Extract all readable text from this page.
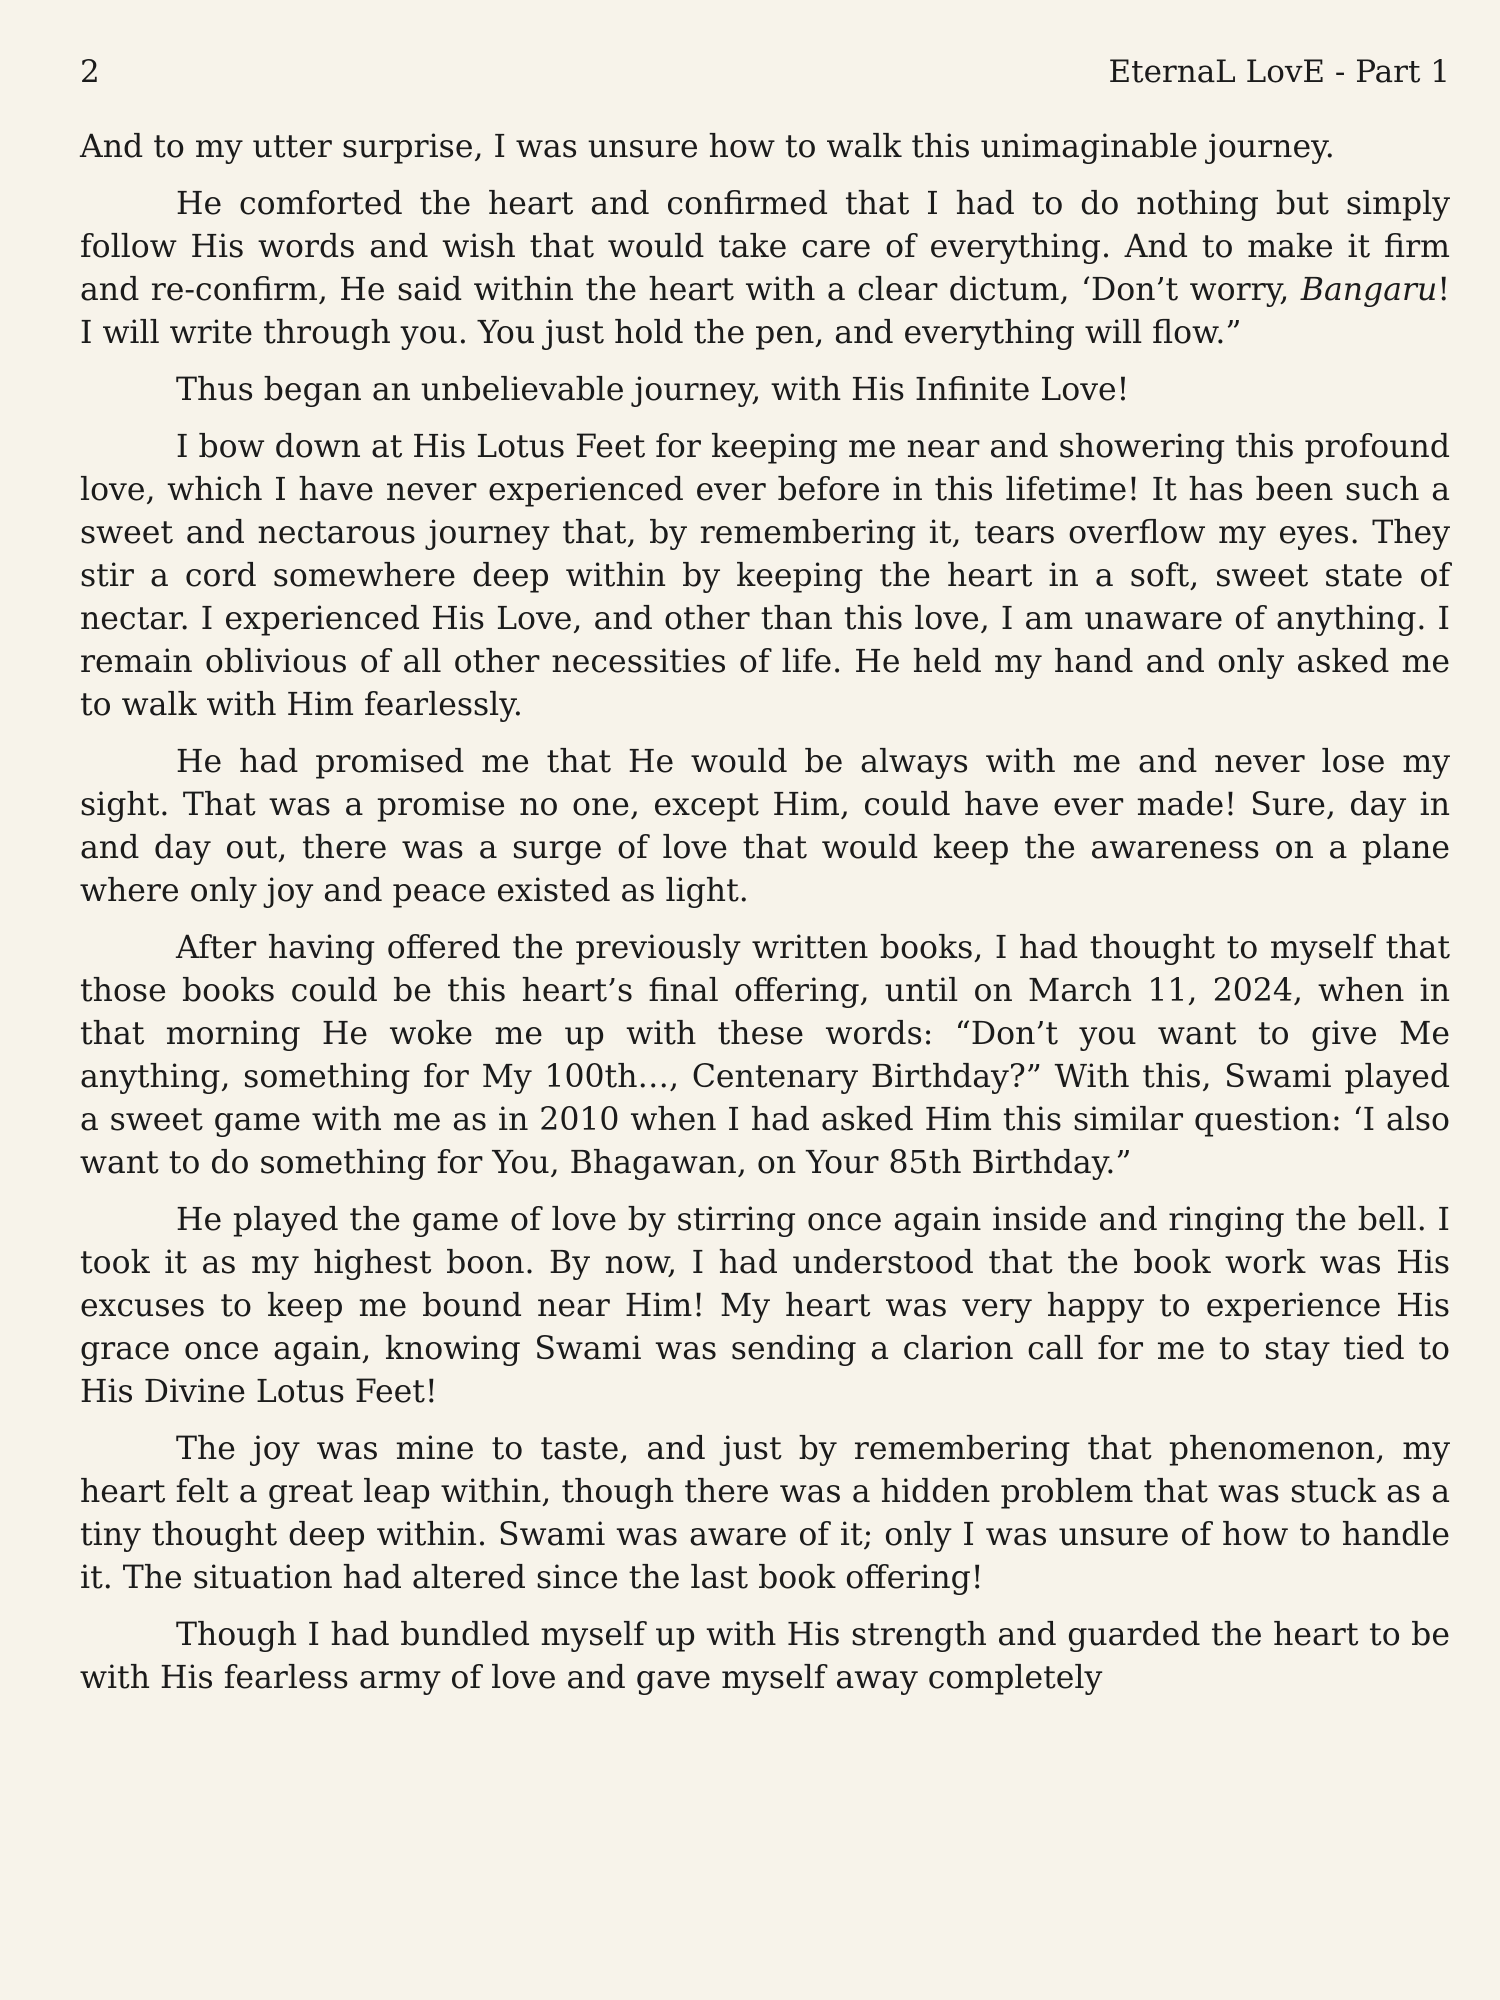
2	EternaL LovE - Part 1

And to my utter surprise, I was unsure how to walk this unimaginable journey.

He comforted the heart and confirmed that I had to do nothing but simply follow His words and wish that would take care of everything. And to make it firm and re-confirm, He said within the heart with a clear dictum, ‘Don’t worry, Bangaru! I will write through you. You just hold the pen, and everything will flow.”

Thus began an unbelievable journey, with His Infinite Love!

I bow down at His Lotus Feet for keeping me near and showering this profound love, which I have never experienced ever before in this lifetime! It has been such a sweet and nectarous journey that, by remembering it, tears overflow my eyes. They stir a cord somewhere deep within by keeping the heart in a soft, sweet state of nectar. I experienced His Love, and other than this love, I am unaware of anything. I remain oblivious of all other necessities of life. He held my hand and only asked me to walk with Him fearlessly.

He had promised me that He would be always with me and never lose my sight. That was a promise no one, except Him, could have ever made! Sure, day in and day out, there was a surge of love that would keep the awareness on a plane where only joy and peace existed as light.

After having offered the previously written books, I had thought to myself that those books could be this heart’s final offering, until on March 11, 2024, when in that morning He woke me up with these words: “Don’t you want to give Me anything, something for My 100th…, Centenary Birthday?” With this, Swami played a sweet game with me as in 2010 when I had asked Him this similar question: ‘I also want to do something for You, Bhagawan, on Your 85th Birthday.”

He played the game of love by stirring once again inside and ringing the bell. I took it as my highest boon. By now, I had understood that the book work was His excuses to keep me bound near Him! My heart was very happy to experience His grace once again, knowing Swami was sending a clarion call for me to stay tied to His Divine Lotus Feet!

The joy was mine to taste, and just by remembering that phenomenon, my heart felt a great leap within, though there was a hidden problem that was stuck as a tiny thought deep within. Swami was aware of it; only I was unsure of how to handle it. The situation had altered since the last book offering!

Though I had bundled myself up with His strength and guarded the heart to be with His fearless army of love and gave myself away completely
